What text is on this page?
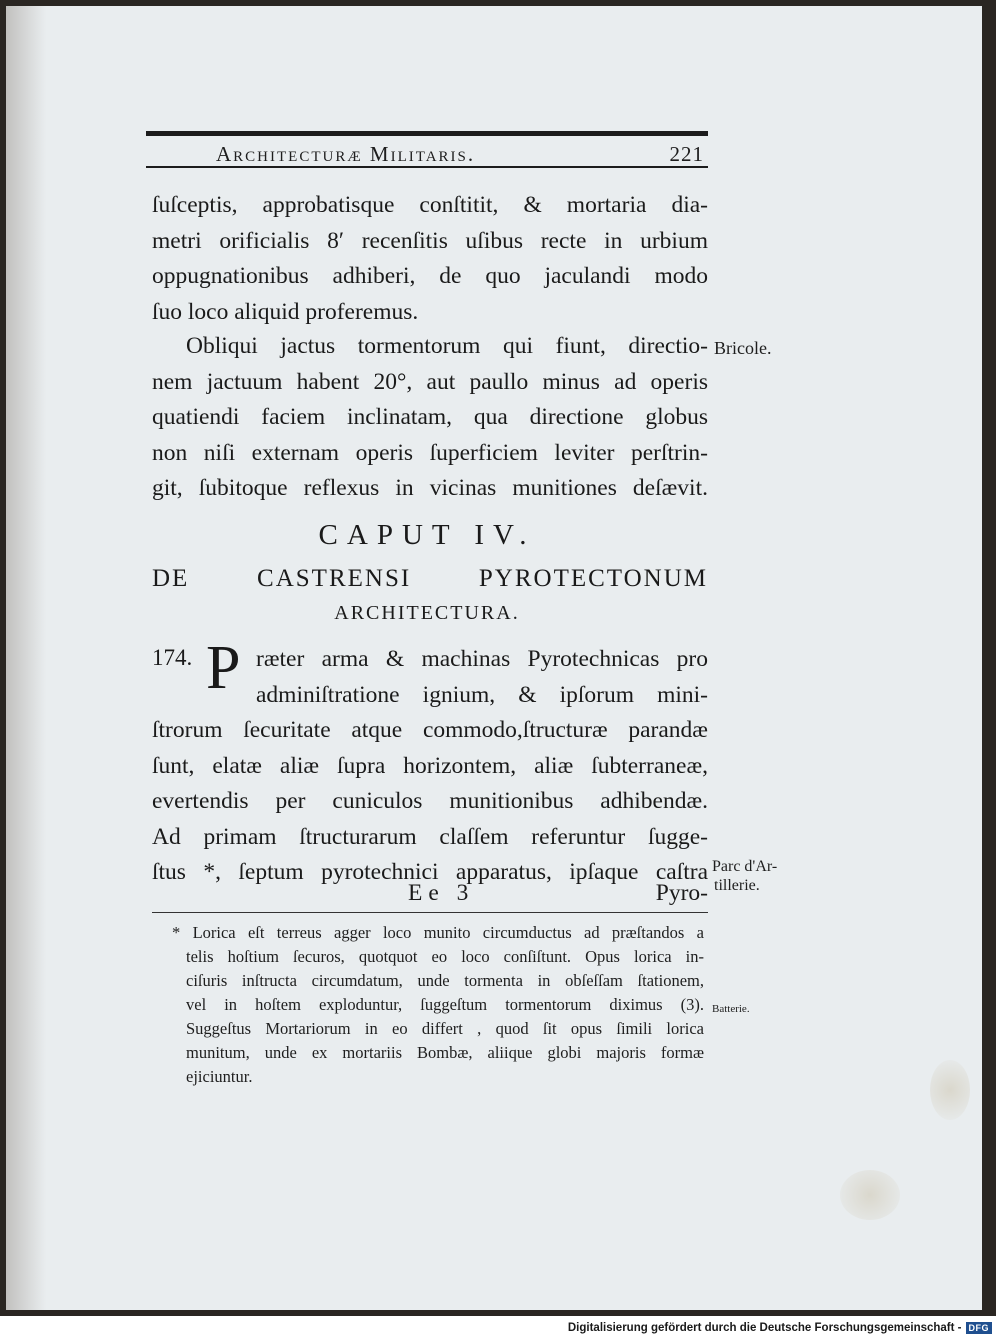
Architecturæ Militaris.	221
ſuſceptis, approbatisque conſtitit, & mortaria dia-
metri orificialis 8′ recenſitis uſibus recte in urbium
oppugnationibus adhiberi, de quo jaculandi modo
ſuo loco aliquid proferemus.
Obliqui jactus tormentorum qui fiunt, directio-
nem jactuum habent 20°, aut paullo minus ad operis
quatiendi faciem inclinatam, qua directione globus
non niſi externam operis ſuperficiem leviter perſtrin-
git, ſubitoque reflexus in vicinas munitiones deſævit.
Bricole.
CAPUT IV.
DE CASTRENSI PYROTECTONUM
ARCHITECTURA.
174. P ræter arma & machinas Pyrotechnicas pro
adminiſtratione ignium, & ipſorum mini-
ſtrorum ſecuritate atque commodo,ſtructuræ parandæ
ſunt, elatæ aliæ ſupra horizontem, aliæ ſubterraneæ,
evertendis per cuniculos munitionibus adhibendæ.
Ad primam ſtructurarum claſſem referuntur ſugge-
ſtus *, ſeptum pyrotechnici apparatus, ipſaque caſtra Parc d'Ar-
tillerie.
Ee 3	Pyro-
* Lorica eſt terreus agger loco munito circumductus ad præſtandos a
telis hoſtium ſecuros, quotquot eo loco conſiſtunt. Opus lorica in-
ciſuris inſtructa circumdatum, unde tormenta in obſeſſam ſtationem,
vel in hoſtem exploduntur, ſuggeſtum tormentorum diximus (3).
Suggeſtus Mortariorum in eo differt , quod ſit opus ſimili lorica
munitum, unde ex mortariis Bombæ, aliique globi majoris formæ
ejiciuntur.
Batterie.
Digitalisierung gefördert durch die Deutsche Forschungsgemeinschaft - DFG
